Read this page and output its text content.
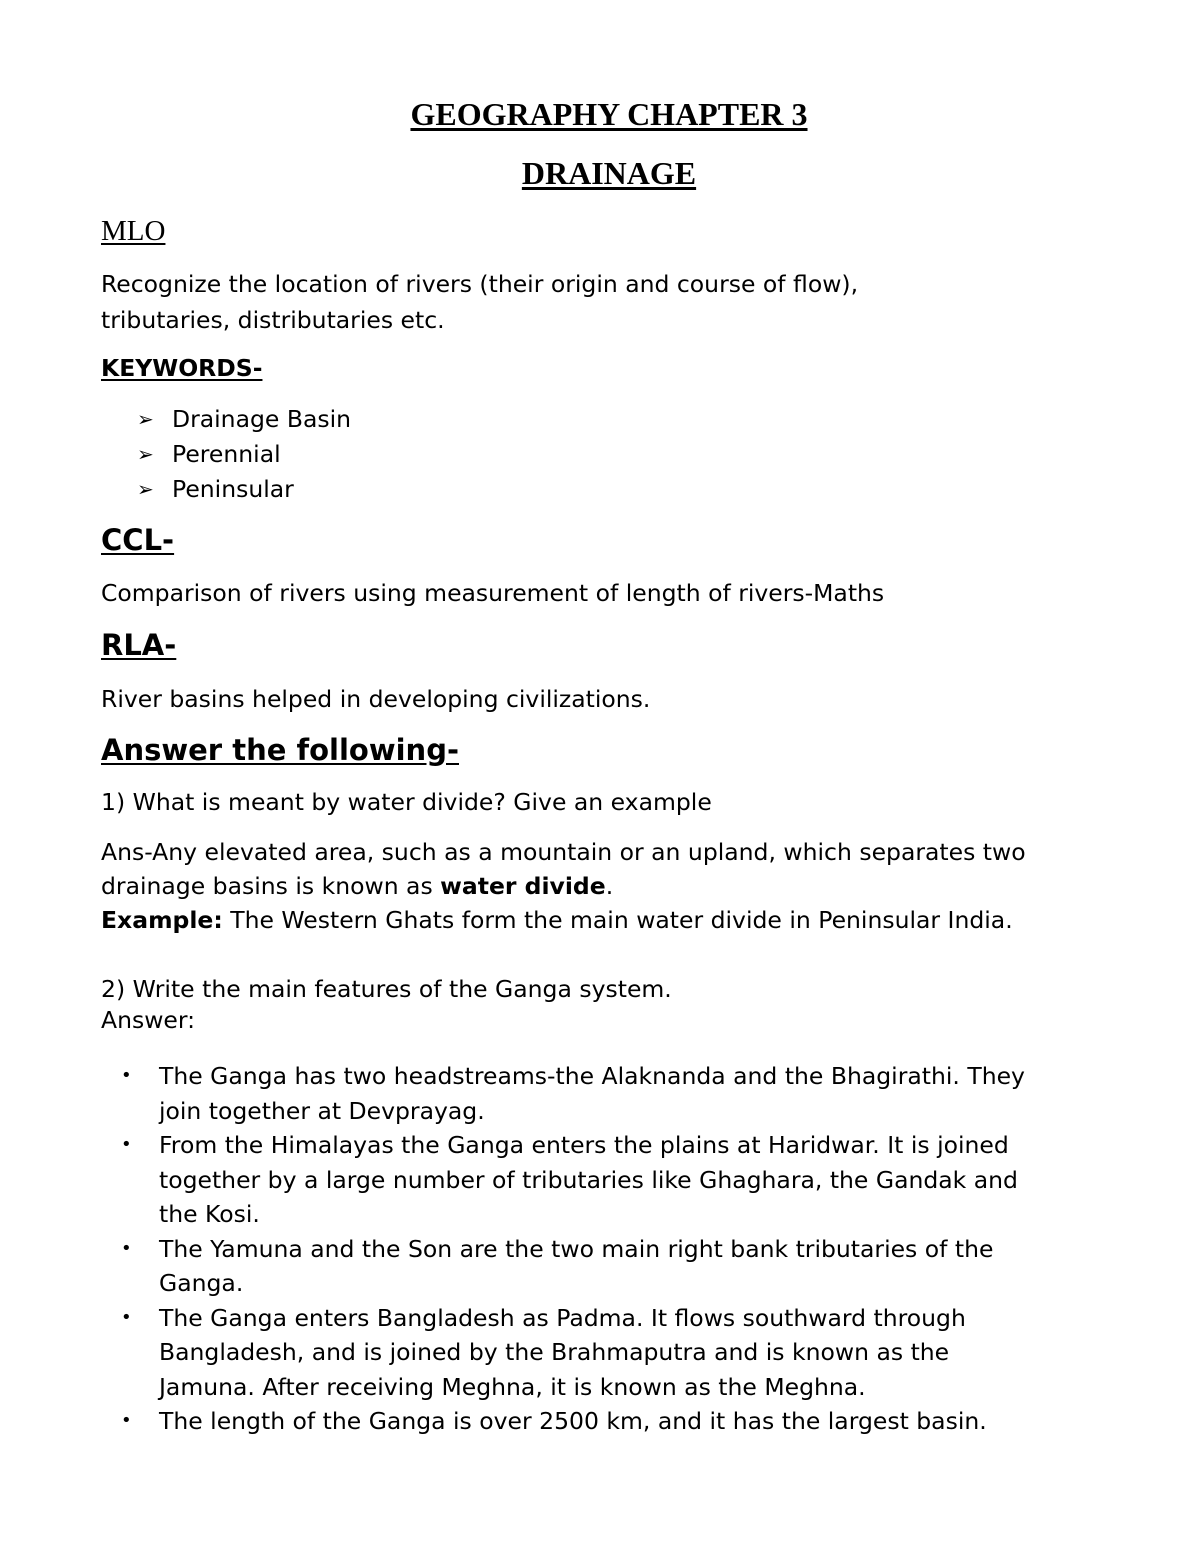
GEOGRAPHY CHAPTER 3
DRAINAGE
MLO
Recognize the location of rivers (their origin and course of flow),
tributaries, distributaries etc.
KEYWORDS-
➢ Drainage Basin
➢ Perennial
➢ Peninsular
CCL-
Comparison of rivers using measurement of length of rivers-Maths
RLA-
River basins helped in developing civilizations.
Answer the following-
1) What is meant by water divide? Give an example
Ans-Any elevated area, such as a mountain or an upland, which separates two
drainage basins is known as water divide.
Example: The Western Ghats form the main water divide in Peninsular India.
2) Write the main features of the Ganga system.
Answer:
• The Ganga has two headstreams-the Alaknanda and the Bhagirathi. They
join together at Devprayag.
• From the Himalayas the Ganga enters the plains at Haridwar. It is joined
together by a large number of tributaries like Ghaghara, the Gandak and
the Kosi.
• The Yamuna and the Son are the two main right bank tributaries of the
Ganga.
• The Ganga enters Bangladesh as Padma. It flows southward through
Bangladesh, and is joined by the Brahmaputra and is known as the
Jamuna. After receiving Meghna, it is known as the Meghna.
• The length of the Ganga is over 2500 km, and it has the largest basin.
